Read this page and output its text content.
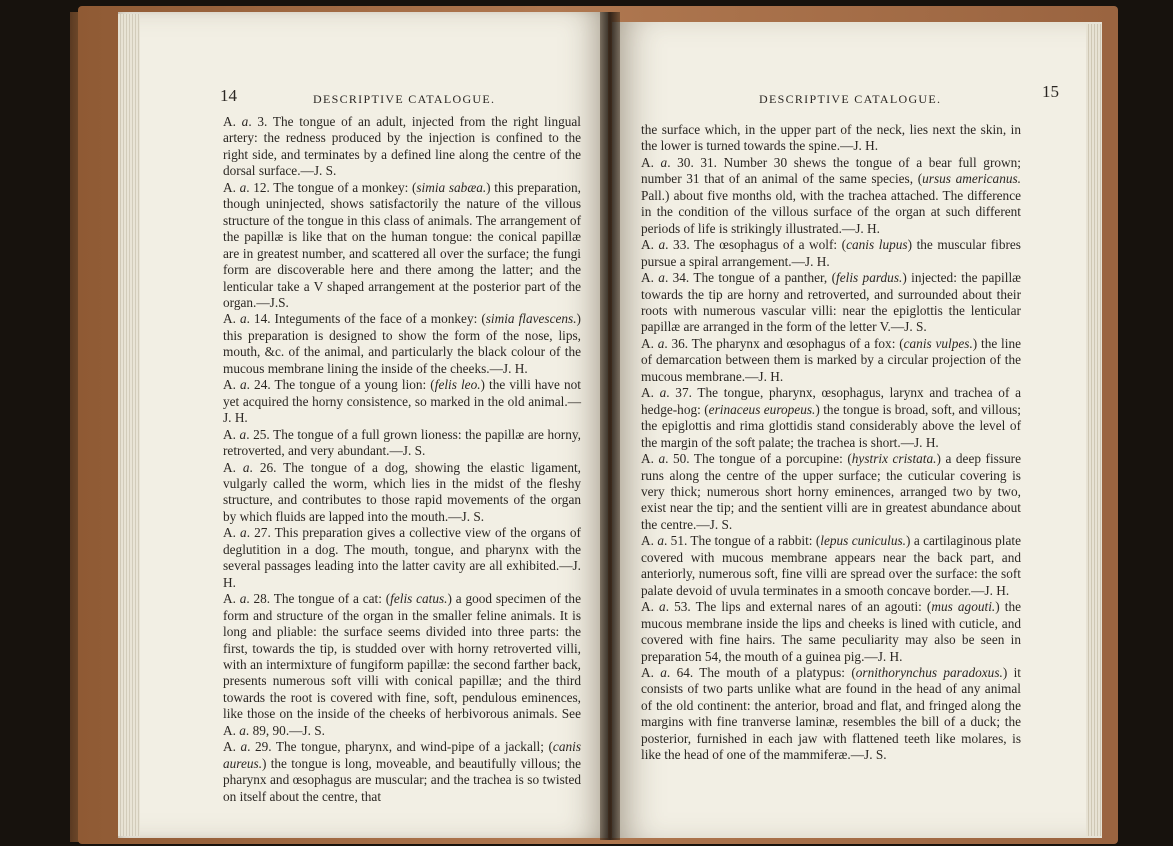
14	DESCRIPTIVE CATALOGUE.

A. a. 3. The tongue of an adult, injected from the right lingual artery: the redness produced by the injection is confined to the right side, and terminates by a defined line along the centre of the dorsal surface.—J. S.

A. a. 12. The tongue of a monkey: (simia sabæa.) this preparation, though uninjected, shows satisfactorily the nature of the villous structure of the tongue in this class of animals. The arrangement of the papillæ is like that on the human tongue: the conical papillæ are in greatest number, and scattered all over the surface; the fungi form are discoverable here and there among the latter; and the lenticular take a V shaped arrangement at the posterior part of the organ.—J.S.

A. a. 14. Integuments of the face of a monkey: (simia flavescens.) this preparation is designed to show the form of the nose, lips, mouth, &c. of the animal, and particularly the black colour of the mucous membrane lining the inside of the cheeks.—J. H.

A. a. 24. The tongue of a young lion: (felis leo.) the villi have not yet acquired the horny consistence, so marked in the old animal.—J. H.

A. a. 25. The tongue of a full grown lioness: the papillæ are horny, retroverted, and very abundant.—J. S.

A. a. 26. The tongue of a dog, showing the elastic ligament, vulgarly called the worm, which lies in the midst of the fleshy structure, and contributes to those rapid movements of the organ by which fluids are lapped into the mouth.—J. S.

A. a. 27. This preparation gives a collective view of the organs of deglutition in a dog. The mouth, tongue, and pharynx with the several passages leading into the latter cavity are all exhibited.—J. H.

A. a. 28. The tongue of a cat: (felis catus.) a good specimen of the form and structure of the organ in the smaller feline animals. It is long and pliable: the surface seems divided into three parts: the first, towards the tip, is studded over with horny retroverted villi, with an intermixture of fungiform papillæ: the second farther back, presents numerous soft villi with conical papillæ; and the third towards the root is covered with fine, soft, pendulous eminences, like those on the inside of the cheeks of herbivorous animals. See A. a. 89, 90.—J. S.

A. a. 29. The tongue, pharynx, and wind-pipe of a jackall; (canis aureus.) the tongue is long, moveable, and beautifully villous; the pharynx and œsophagus are muscular; and the trachea is so twisted on itself about the centre, that

DESCRIPTIVE CATALOGUE.	15

the surface which, in the upper part of the neck, lies next the skin, in the lower is turned towards the spine.—J. H.

A. a. 30. 31. Number 30 shews the tongue of a bear full grown; number 31 that of an animal of the same species, (ursus americanus. Pall.) about five months old, with the trachea attached. The difference in the condition of the villous surface of the organ at such different periods of life is strikingly illustrated.—J. H.

A. a. 33. The œsophagus of a wolf: (canis lupus) the muscular fibres pursue a spiral arrangement.—J. H.

A. a. 34. The tongue of a panther, (felis pardus.) injected: the papillæ towards the tip are horny and retroverted, and surrounded about their roots with numerous vascular villi: near the epiglottis the lenticular papillæ are arranged in the form of the letter V.—J. S.

A. a. 36. The pharynx and œsophagus of a fox: (canis vulpes.) the line of demarcation between them is marked by a circular projection of the mucous membrane.—J. H.

A. a. 37. The tongue, pharynx, œsophagus, larynx and trachea of a hedge-hog: (erinaceus europeus.) the tongue is broad, soft, and villous; the epiglottis and rima glottidis stand considerably above the level of the margin of the soft palate; the trachea is short.—J. H.

A. a. 50. The tongue of a porcupine: (hystrix cristata.) a deep fissure runs along the centre of the upper surface; the cuticular covering is very thick; numerous short horny eminences, arranged two by two, exist near the tip; and the sentient villi are in greatest abundance about the centre.—J. S.

A. a. 51. The tongue of a rabbit: (lepus cuniculus.) a cartilaginous plate covered with mucous membrane appears near the back part, and anteriorly, numerous soft, fine villi are spread over the surface: the soft palate devoid of uvula terminates in a smooth concave border.—J. H.

A. a. 53. The lips and external nares of an agouti: (mus agouti.) the mucous membrane inside the lips and cheeks is lined with cuticle, and covered with fine hairs. The same peculiarity may also be seen in preparation 54, the mouth of a guinea pig.—J. H.

A. a. 64. The mouth of a platypus: (ornithorynchus paradoxus.) it consists of two parts unlike what are found in the head of any animal of the old continent: the anterior, broad and flat, and fringed along the margins with fine tranverse laminæ, resembles the bill of a duck; the posterior, furnished in each jaw with flattened teeth like molares, is like the head of one of the mammiferæ.—J. S.
